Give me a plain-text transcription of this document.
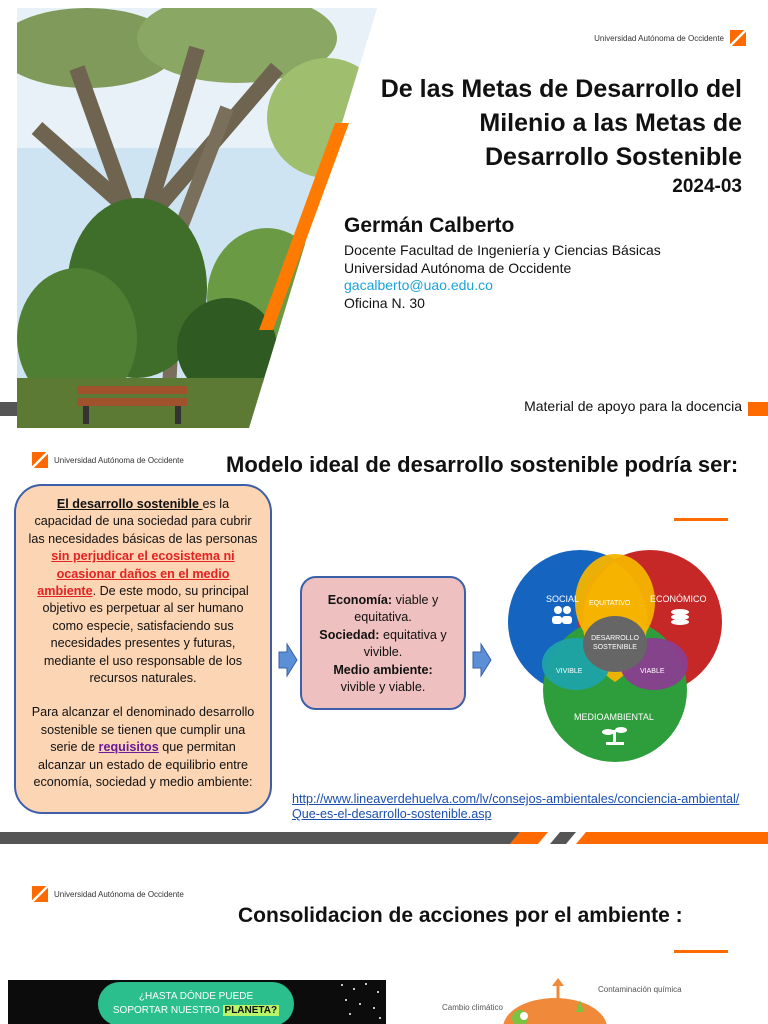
Universidad Autónoma de Occidente
De las Metas de Desarrollo del Milenio a las Metas de Desarrollo Sostenible
2024-03
Germán Calberto
Docente Facultad de Ingeniería y Ciencias Básicas
Universidad Autónoma de Occidente
gacalberto@uao.edu.co
Oficina N. 30
Material de apoyo para la docencia
Universidad Autónoma de Occidente Modelo ideal de desarrollo sostenible podría ser:
El desarrollo sostenible es la capacidad de una sociedad para cubrir las necesidades básicas de las personas sin perjudicar el ecosistema ni ocasionar daños en el medio ambiente. De este modo, su principal objetivo es perpetuar al ser humano como especie, satisfaciendo sus necesidades presentes y futuras, mediante el uso responsable de los recursos naturales.
Para alcanzar el denominado desarrollo sostenible se tienen que cumplir una serie de requisitos que permitan alcanzar un estado de equilibrio entre economía, sociedad y medio ambiente:
Economía: viable y equitativa.
Sociedad: equitativa y vivible.
Medio ambiente:
vivible y viable.
SOCIAL	ECONÓMICO
MEDIOAMBIENTAL
EQUITATIVO
VIVIBLE	VIABLE
DESARROLLO
SOSTENIBLE
http://www.lineaverdehuelva.com/lv/consejos-ambientales/conciencia-ambiental/Que-es-el-desarrollo-sostenible.asp
Universidad Autónoma de Occidente
Consolidacion de acciones por el ambiente :
¿HASTA DÓNDE PUEDE
SOPORTAR NUESTRO PLANETA?
Contaminación química
Cambio climático
